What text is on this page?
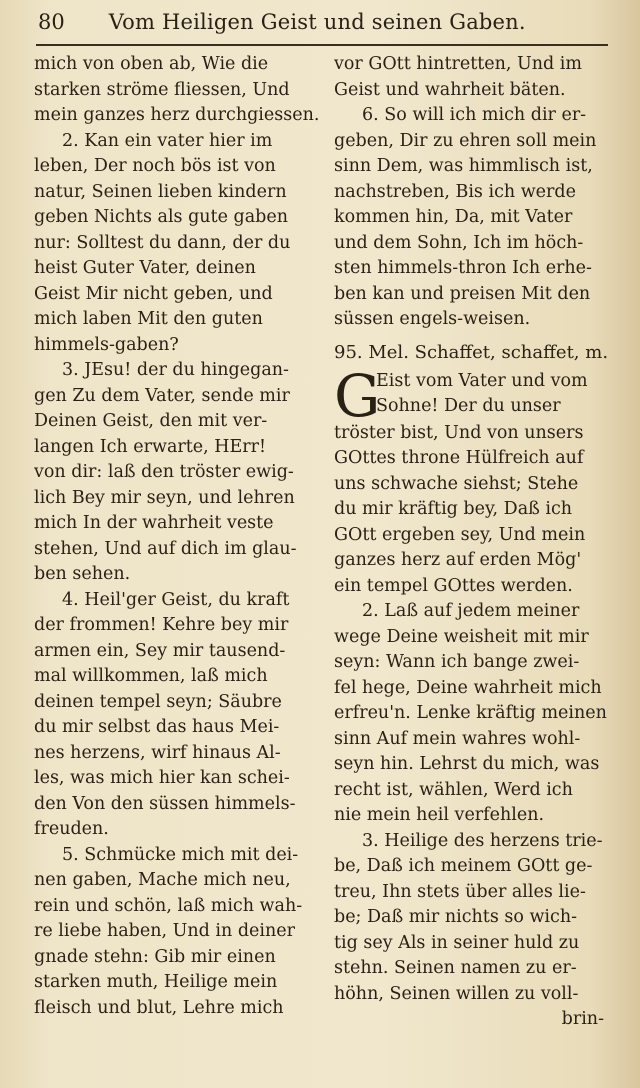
80 Vom Heiligen Geist und seinen Gaben.
mich von oben ab, Wie die
starken ströme fliessen, Und
mein ganzes herz durchgiessen.
2. Kan ein vater hier im
leben, Der noch bös ist von
natur, Seinen lieben kindern
geben Nichts als gute gaben
nur: Solltest du dann, der du
heist Guter Vater, deinen
Geist Mir nicht geben, und
mich laben Mit den guten
himmels-gaben?
3. JEsu! der du hingegan-
gen Zu dem Vater, sende mir
Deinen Geist, den mit ver-
langen Ich erwarte, HErr!
von dir: laß den tröster ewig-
lich Bey mir seyn, und lehren
mich In der wahrheit veste
stehen, Und auf dich im glau-
ben sehen.
4. Heil'ger Geist, du kraft
der frommen! Kehre bey mir
armen ein, Sey mir tausend-
mal willkommen, laß mich
deinen tempel seyn; Säubre
du mir selbst das haus Mei-
nes herzens, wirf hinaus Al-
les, was mich hier kan schei-
den Von den süssen himmels-
freuden.
5. Schmücke mich mit dei-
nen gaben, Mache mich neu,
rein und schön, laß mich wah-
re liebe haben, Und in deiner
gnade stehn: Gib mir einen
starken muth, Heilige mein
fleisch und blut, Lehre mich
vor GOtt hintretten, Und im
Geist und wahrheit bäten.
6. So will ich mich dir er-
geben, Dir zu ehren soll mein
sinn Dem, was himmlisch ist,
nachstreben, Bis ich werde
kommen hin, Da, mit Vater
und dem Sohn, Ich im höch-
sten himmels-thron Ich erhe-
ben kan und preisen Mit den
süssen engels-weisen.
95. Mel. Schaffet, schaffet, m.
G
Eist vom Vater und vom
Sohne! Der du unser
tröster bist, Und von unsers
GOttes throne Hülfreich auf
uns schwache siehst; Stehe
du mir kräftig bey, Daß ich
GOtt ergeben sey, Und mein
ganzes herz auf erden Mög'
ein tempel GOttes werden.
2. Laß auf jedem meiner
wege Deine weisheit mit mir
seyn: Wann ich bange zwei-
fel hege, Deine wahrheit mich
erfreu'n. Lenke kräftig meinen
sinn Auf mein wahres wohl-
seyn hin. Lehrst du mich, was
recht ist, wählen, Werd ich
nie mein heil verfehlen.
3. Heilige des herzens trie-
be, Daß ich meinem GOtt ge-
treu, Ihn stets über alles lie-
be; Daß mir nichts so wich-
tig sey Als in seiner huld zu
stehn. Seinen namen zu er-
höhn, Seinen willen zu voll-
brin-
